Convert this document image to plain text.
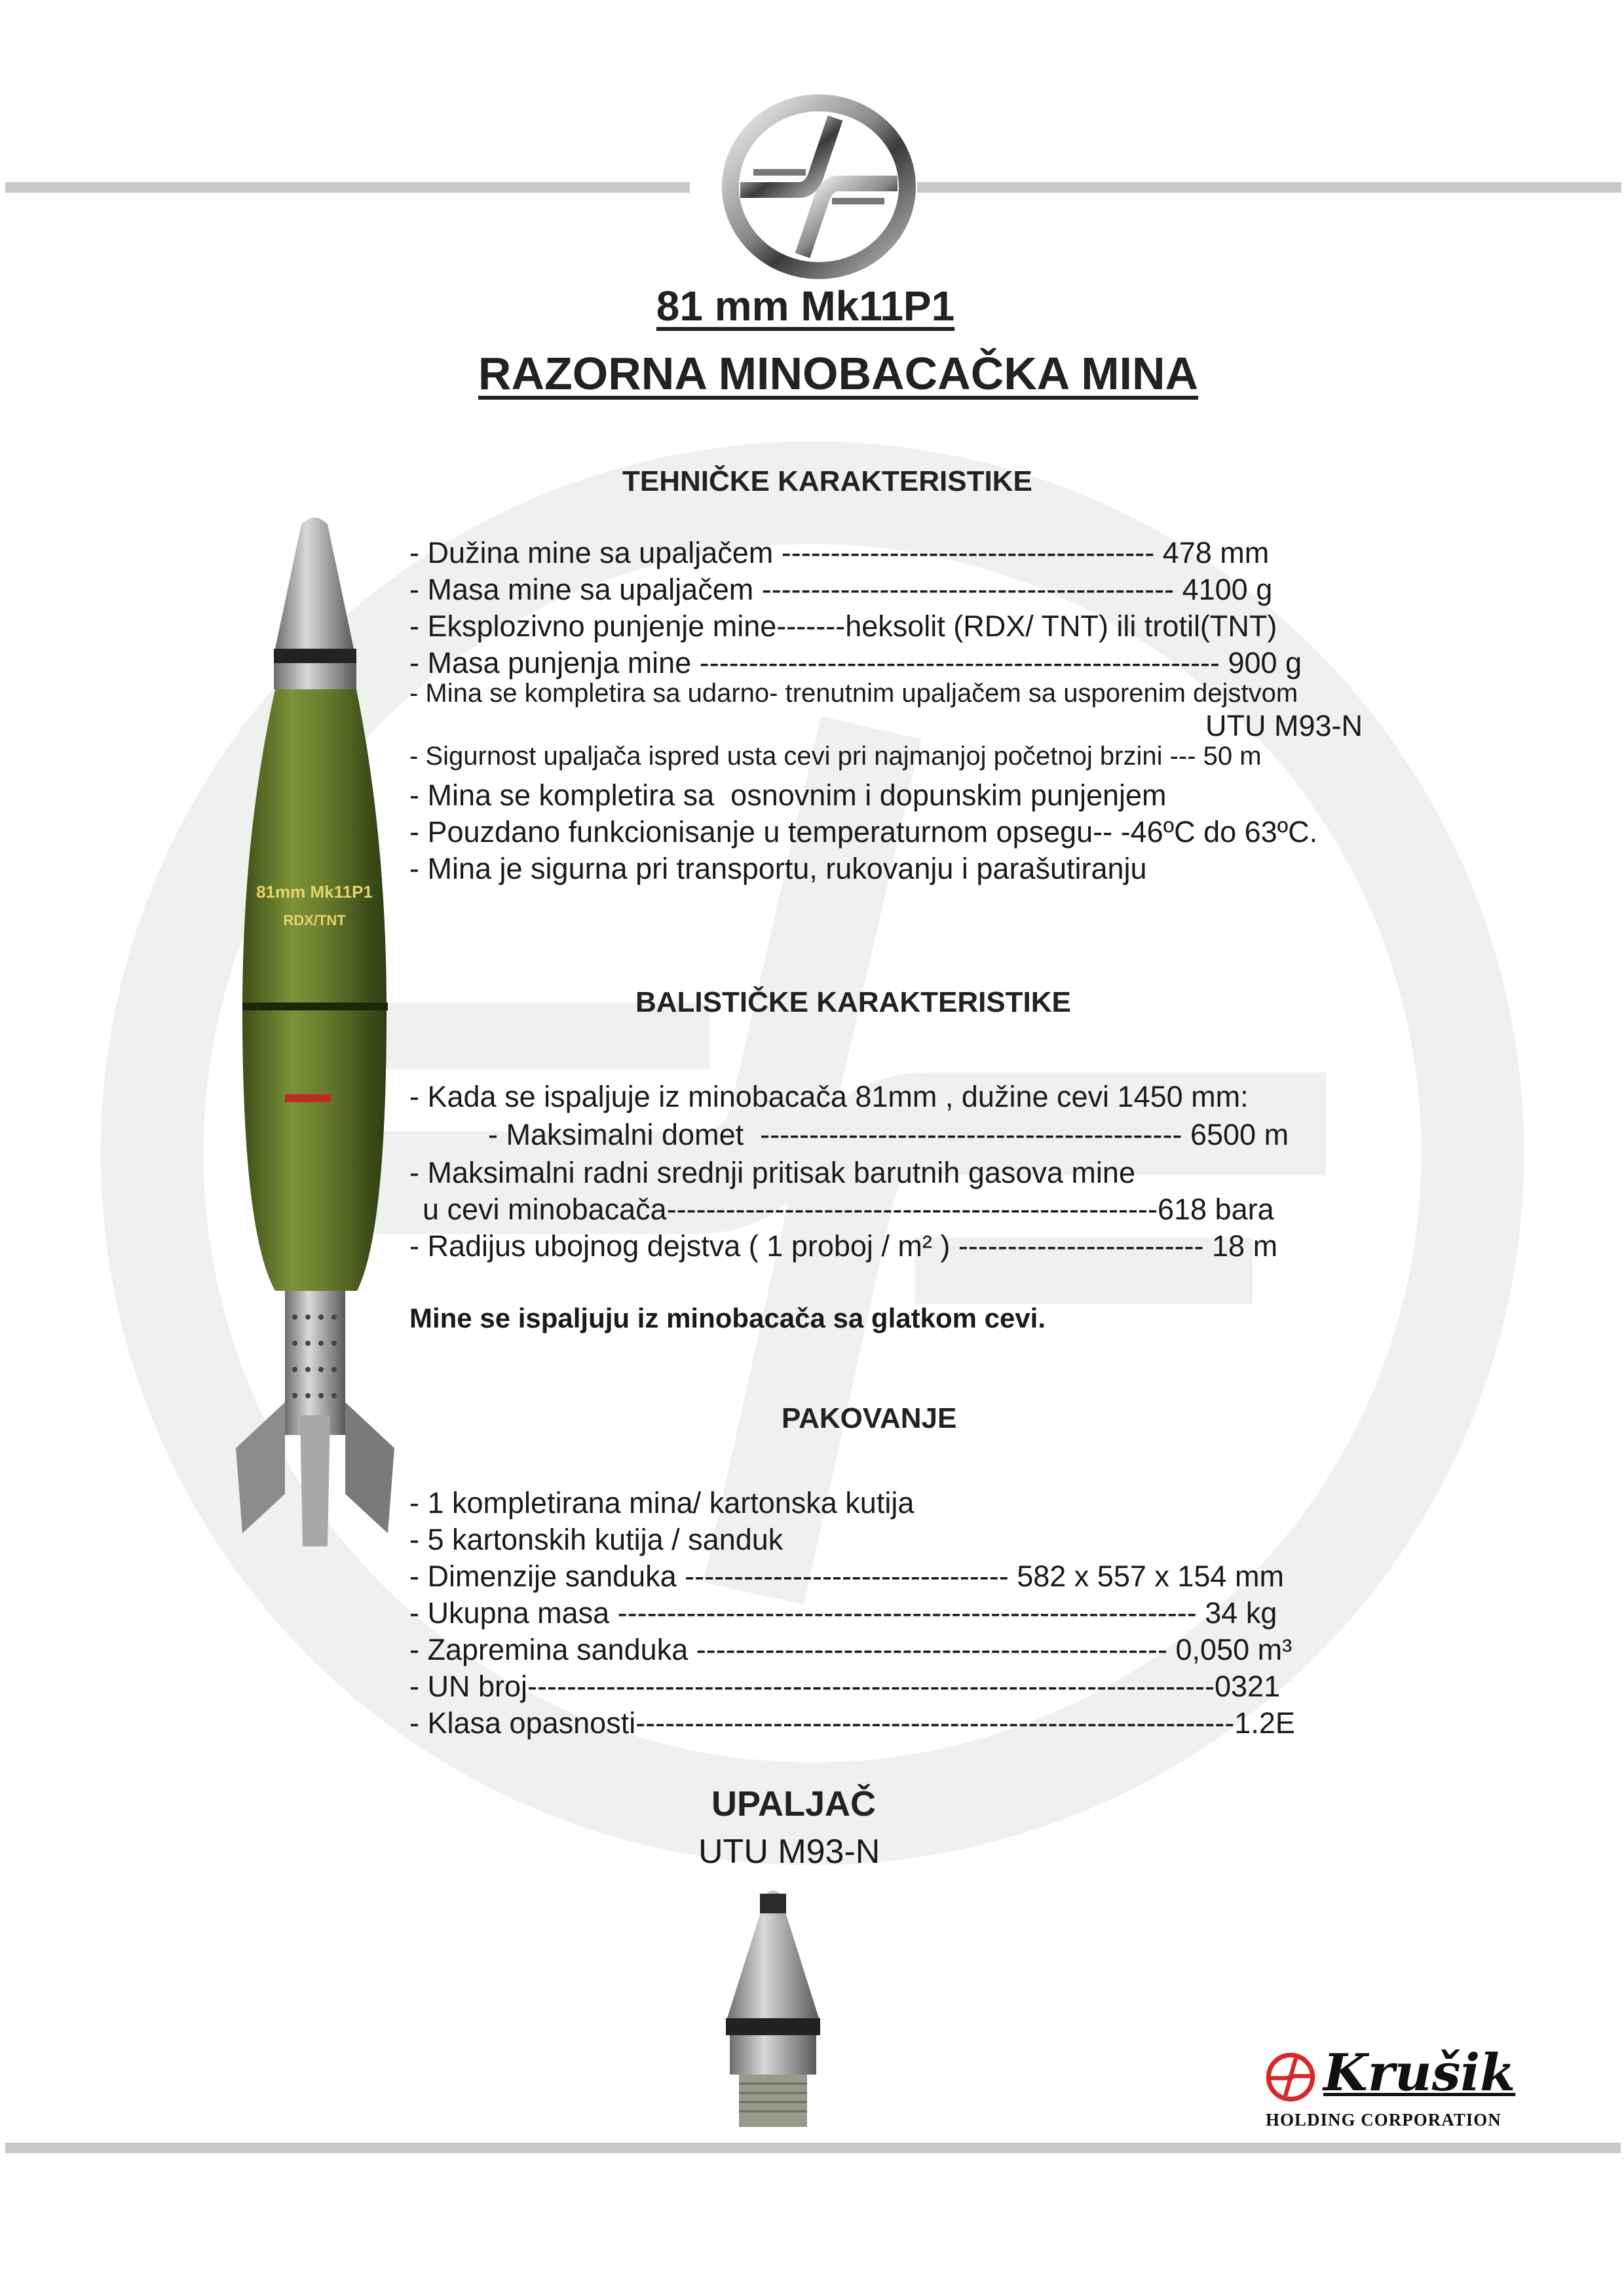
81 mm Mk11P1
RAZORNA MINOBACAČKA MINA
81mm Mk11P1
RDX/TNT
TEHNIČKE KARAKTERISTIKE
- Dužina mine sa upaljačem -------------------------------------- 478 mm
- Masa mine sa upaljačem ------------------------------------------ 4100 g
- Eksplozivno punjenje mine-------heksolit (RDX/ TNT) ili trotil(TNT)
- Masa punjenja mine ----------------------------------------------------- 900 g
- Mina se kompletira sa udarno- trenutnim upaljačem sa usporenim dejstvom
UTU M93-N
- Sigurnost upaljača ispred usta cevi pri najmanjoj početnoj brzini --- 50 m
- Mina se kompletira sa  osnovnim i dopunskim punjenjem
- Pouzdano funkcionisanje u temperaturnom opsegu-- -46ºC do 63ºC.
- Mina je sigurna pri transportu, rukovanju i parašutiranju
BALISTIČKE KARAKTERISTIKE
- Kada se ispaljuje iz minobacača 81mm , dužine cevi 1450 mm:
- Maksimalni domet  ------------------------------------------- 6500 m
- Maksimalni radni srednji pritisak barutnih gasova mine
u cevi minobacača--------------------------------------------------618 bara
- Radijus ubojnog dejstva ( 1 proboj / m² ) ------------------------- 18 m
Mine se ispaljuju iz minobacača sa glatkom cevi.
PAKOVANJE
- 1 kompletirana mina/ kartonska kutija
- 5 kartonskih kutija / sanduk
- Dimenzije sanduka --------------------------------- 582 x 557 x 154 mm
- Ukupna masa ----------------------------------------------------------- 34 kg
- Zapremina sanduka ------------------------------------------------ 0,050 m³
- UN broj----------------------------------------------------------------------0321
- Klasa opasnosti-------------------------------------------------------------1.2E
UPALJAČ
UTU M93-N
Krušik
HOLDING CORPORATION
